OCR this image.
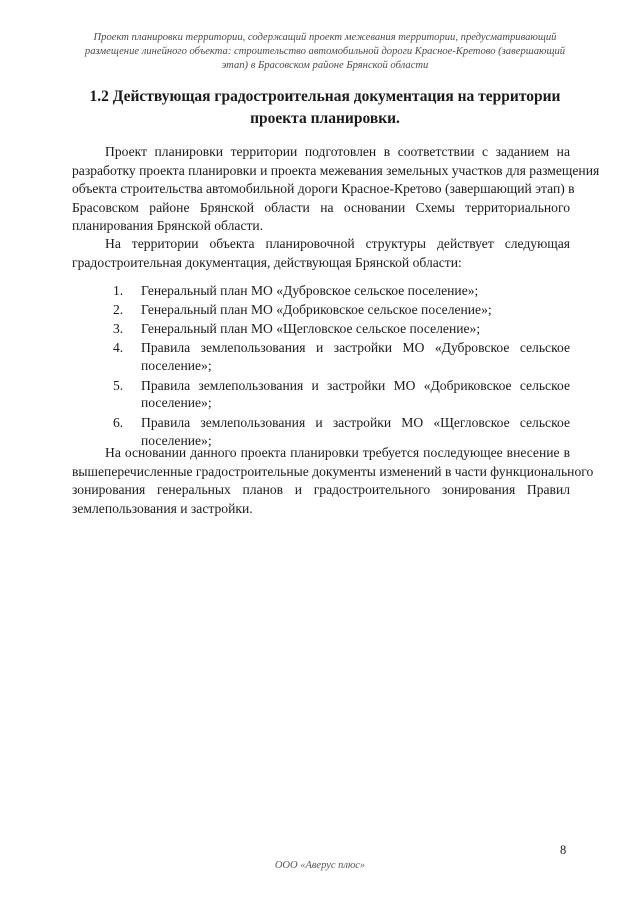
Проект планировки территории, содержащий проект межевания территории, предусматривающий
размещение линейного объекта: строительство автомобильной дороги Красное-Кретово (завершающий
этап) в Брасовском районе Брянской области
1.2 Действующая градостроительная документация на территории
проекта планировки.
Проект планировки территории подготовлен в соответствии с заданием на
разработку проекта планировки и проекта межевания земельных участков для размещения
объекта строительства автомобильной дороги Красное-Кретово (завершающий этап) в
Брасовском районе Брянской области на основании Схемы территориального
планирования Брянской области.
На территории объекта планировочной структуры действует следующая
градостроительная документация, действующая Брянской области:
1. Генеральный план МО «Дубровское сельское поселение»;
2. Генеральный план МО «Добриковское сельское поселение»;
3. Генеральный план МО «Щегловское сельское поселение»;
4. Правила землепользования и застройки МО «Дубровское сельское
поселение»;
5. Правила землепользования и застройки МО «Добриковское сельское
поселение»;
6. Правила землепользования и застройки МО «Щегловское сельское
поселение»;
На основании данного проекта планировки требуется последующее внесение в
вышеперечисленные градостроительные документы изменений в части функционального
зонирования генеральных планов и градостроительного зонирования Правил
землепользования и застройки.
8
ООО «Аверус плюс»
